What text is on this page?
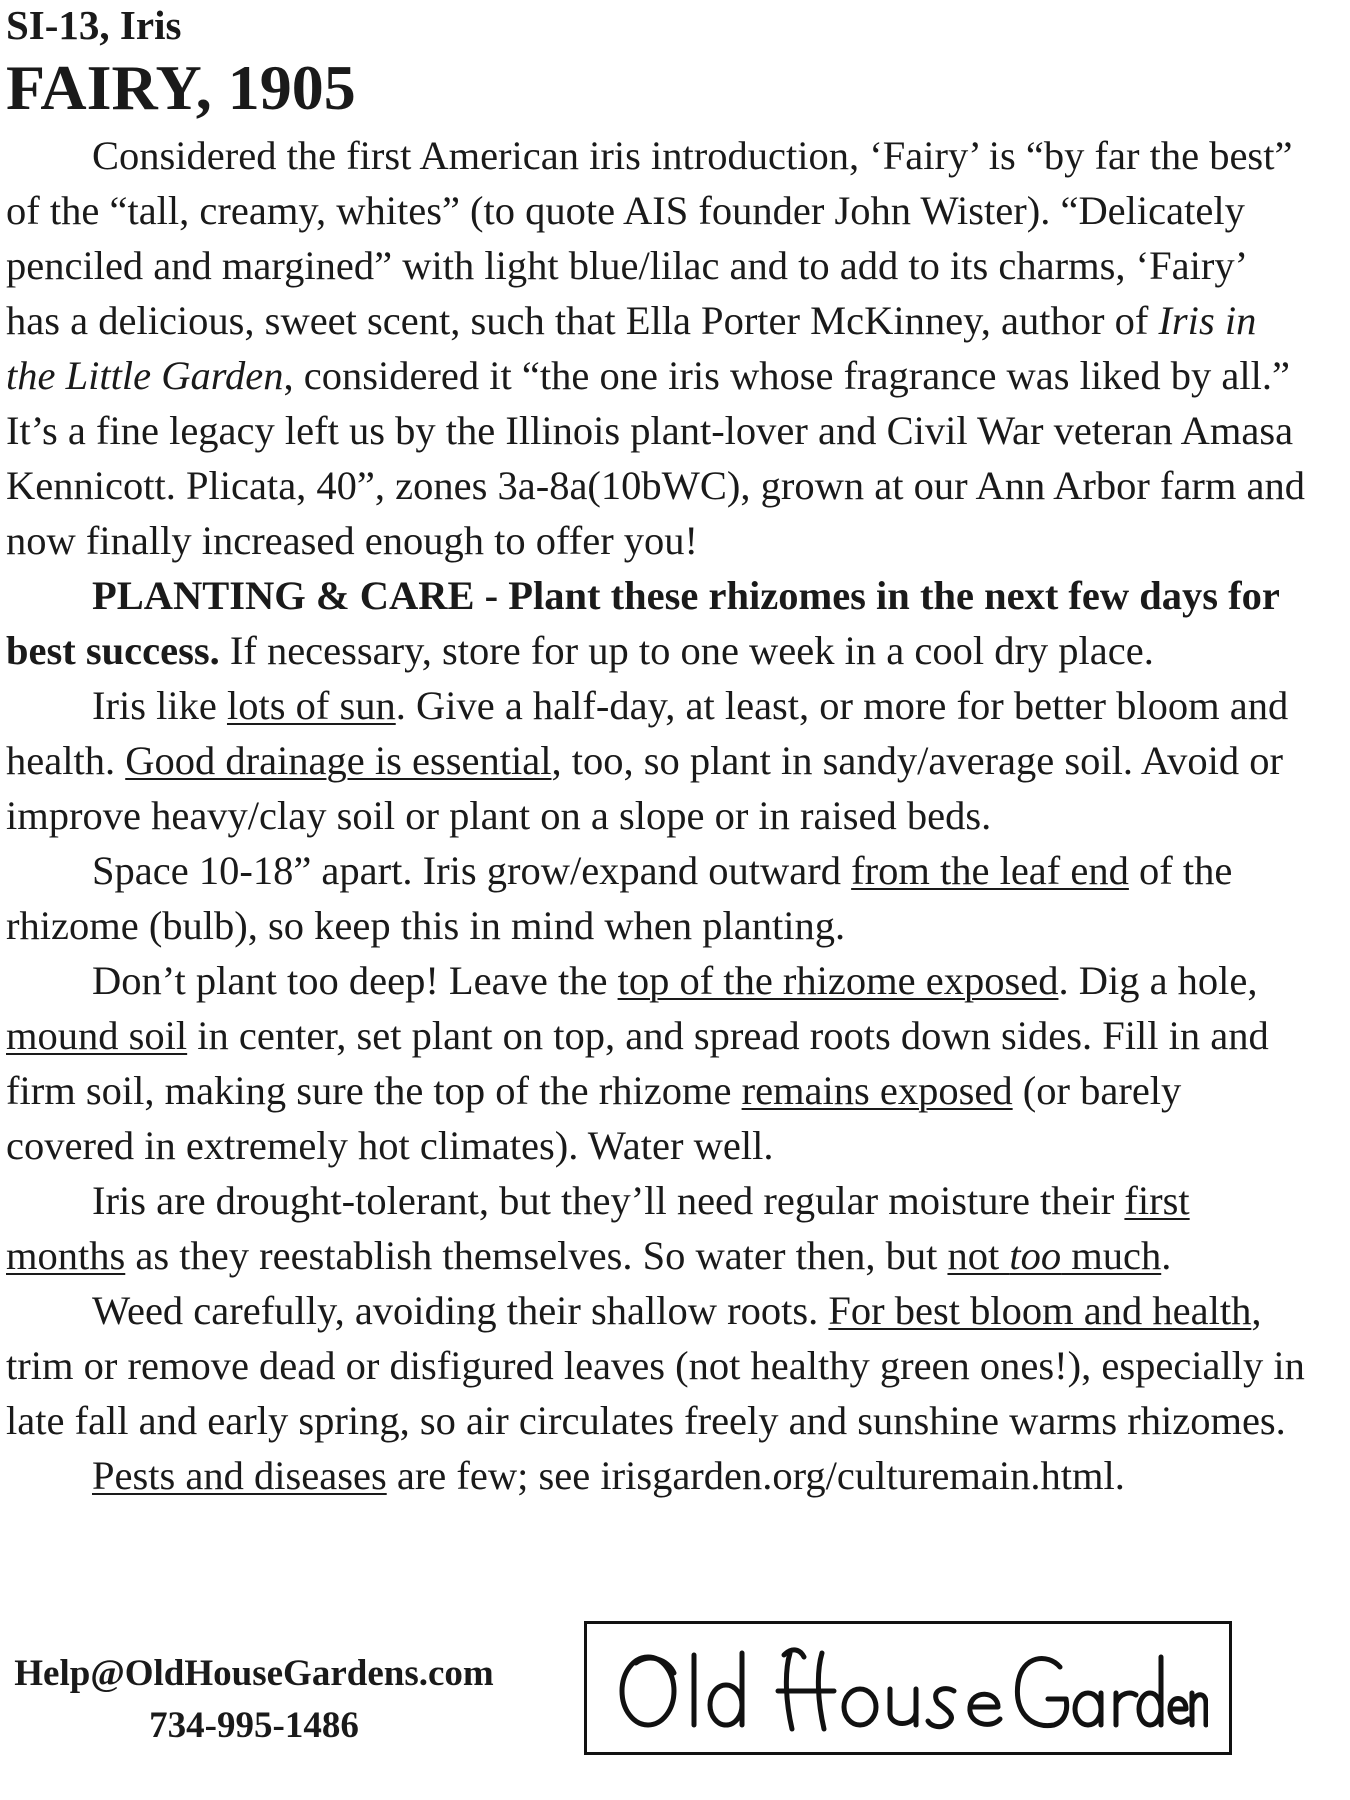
SI-13, Iris
FAIRY, 1905

Considered the first American iris introduction, ‘Fairy’ is “by far the best” of the “tall, creamy, whites” (to quote AIS founder John Wister). “Delicately penciled and margined” with light blue/lilac and to add to its charms, ‘Fairy’ has a delicious, sweet scent, such that Ella Porter McKinney, author of Iris in the Little Garden, considered it “the one iris whose fragrance was liked by all.” It’s a fine legacy left us by the Illinois plant-lover and Civil War veteran Amasa Kennicott. Plicata, 40”, zones 3a-8a(10bWC), grown at our Ann Arbor farm and now finally increased enough to offer you!

PLANTING & CARE - Plant these rhizomes in the next few days for best success. If necessary, store for up to one week in a cool dry place.

Iris like lots of sun. Give a half-day, at least, or more for better bloom and health. Good drainage is essential, too, so plant in sandy/average soil. Avoid or improve heavy/clay soil or plant on a slope or in raised beds.

Space 10-18” apart. Iris grow/expand outward from the leaf end of the rhizome (bulb), so keep this in mind when planting.

Don’t plant too deep! Leave the top of the rhizome exposed. Dig a hole, mound soil in center, set plant on top, and spread roots down sides. Fill in and firm soil, making sure the top of the rhizome remains exposed (or barely covered in extremely hot climates). Water well.

Iris are drought-tolerant, but they’ll need regular moisture their first months as they reestablish themselves. So water then, but not too much.

Weed carefully, avoiding their shallow roots. For best bloom and health, trim or remove dead or disfigured leaves (not healthy green ones!), especially in late fall and early spring, so air circulates freely and sunshine warms rhizomes.

Pests and diseases are few; see irisgarden.org/culturemain.html.

Help@OldHouseGardens.com
734-995-1486
